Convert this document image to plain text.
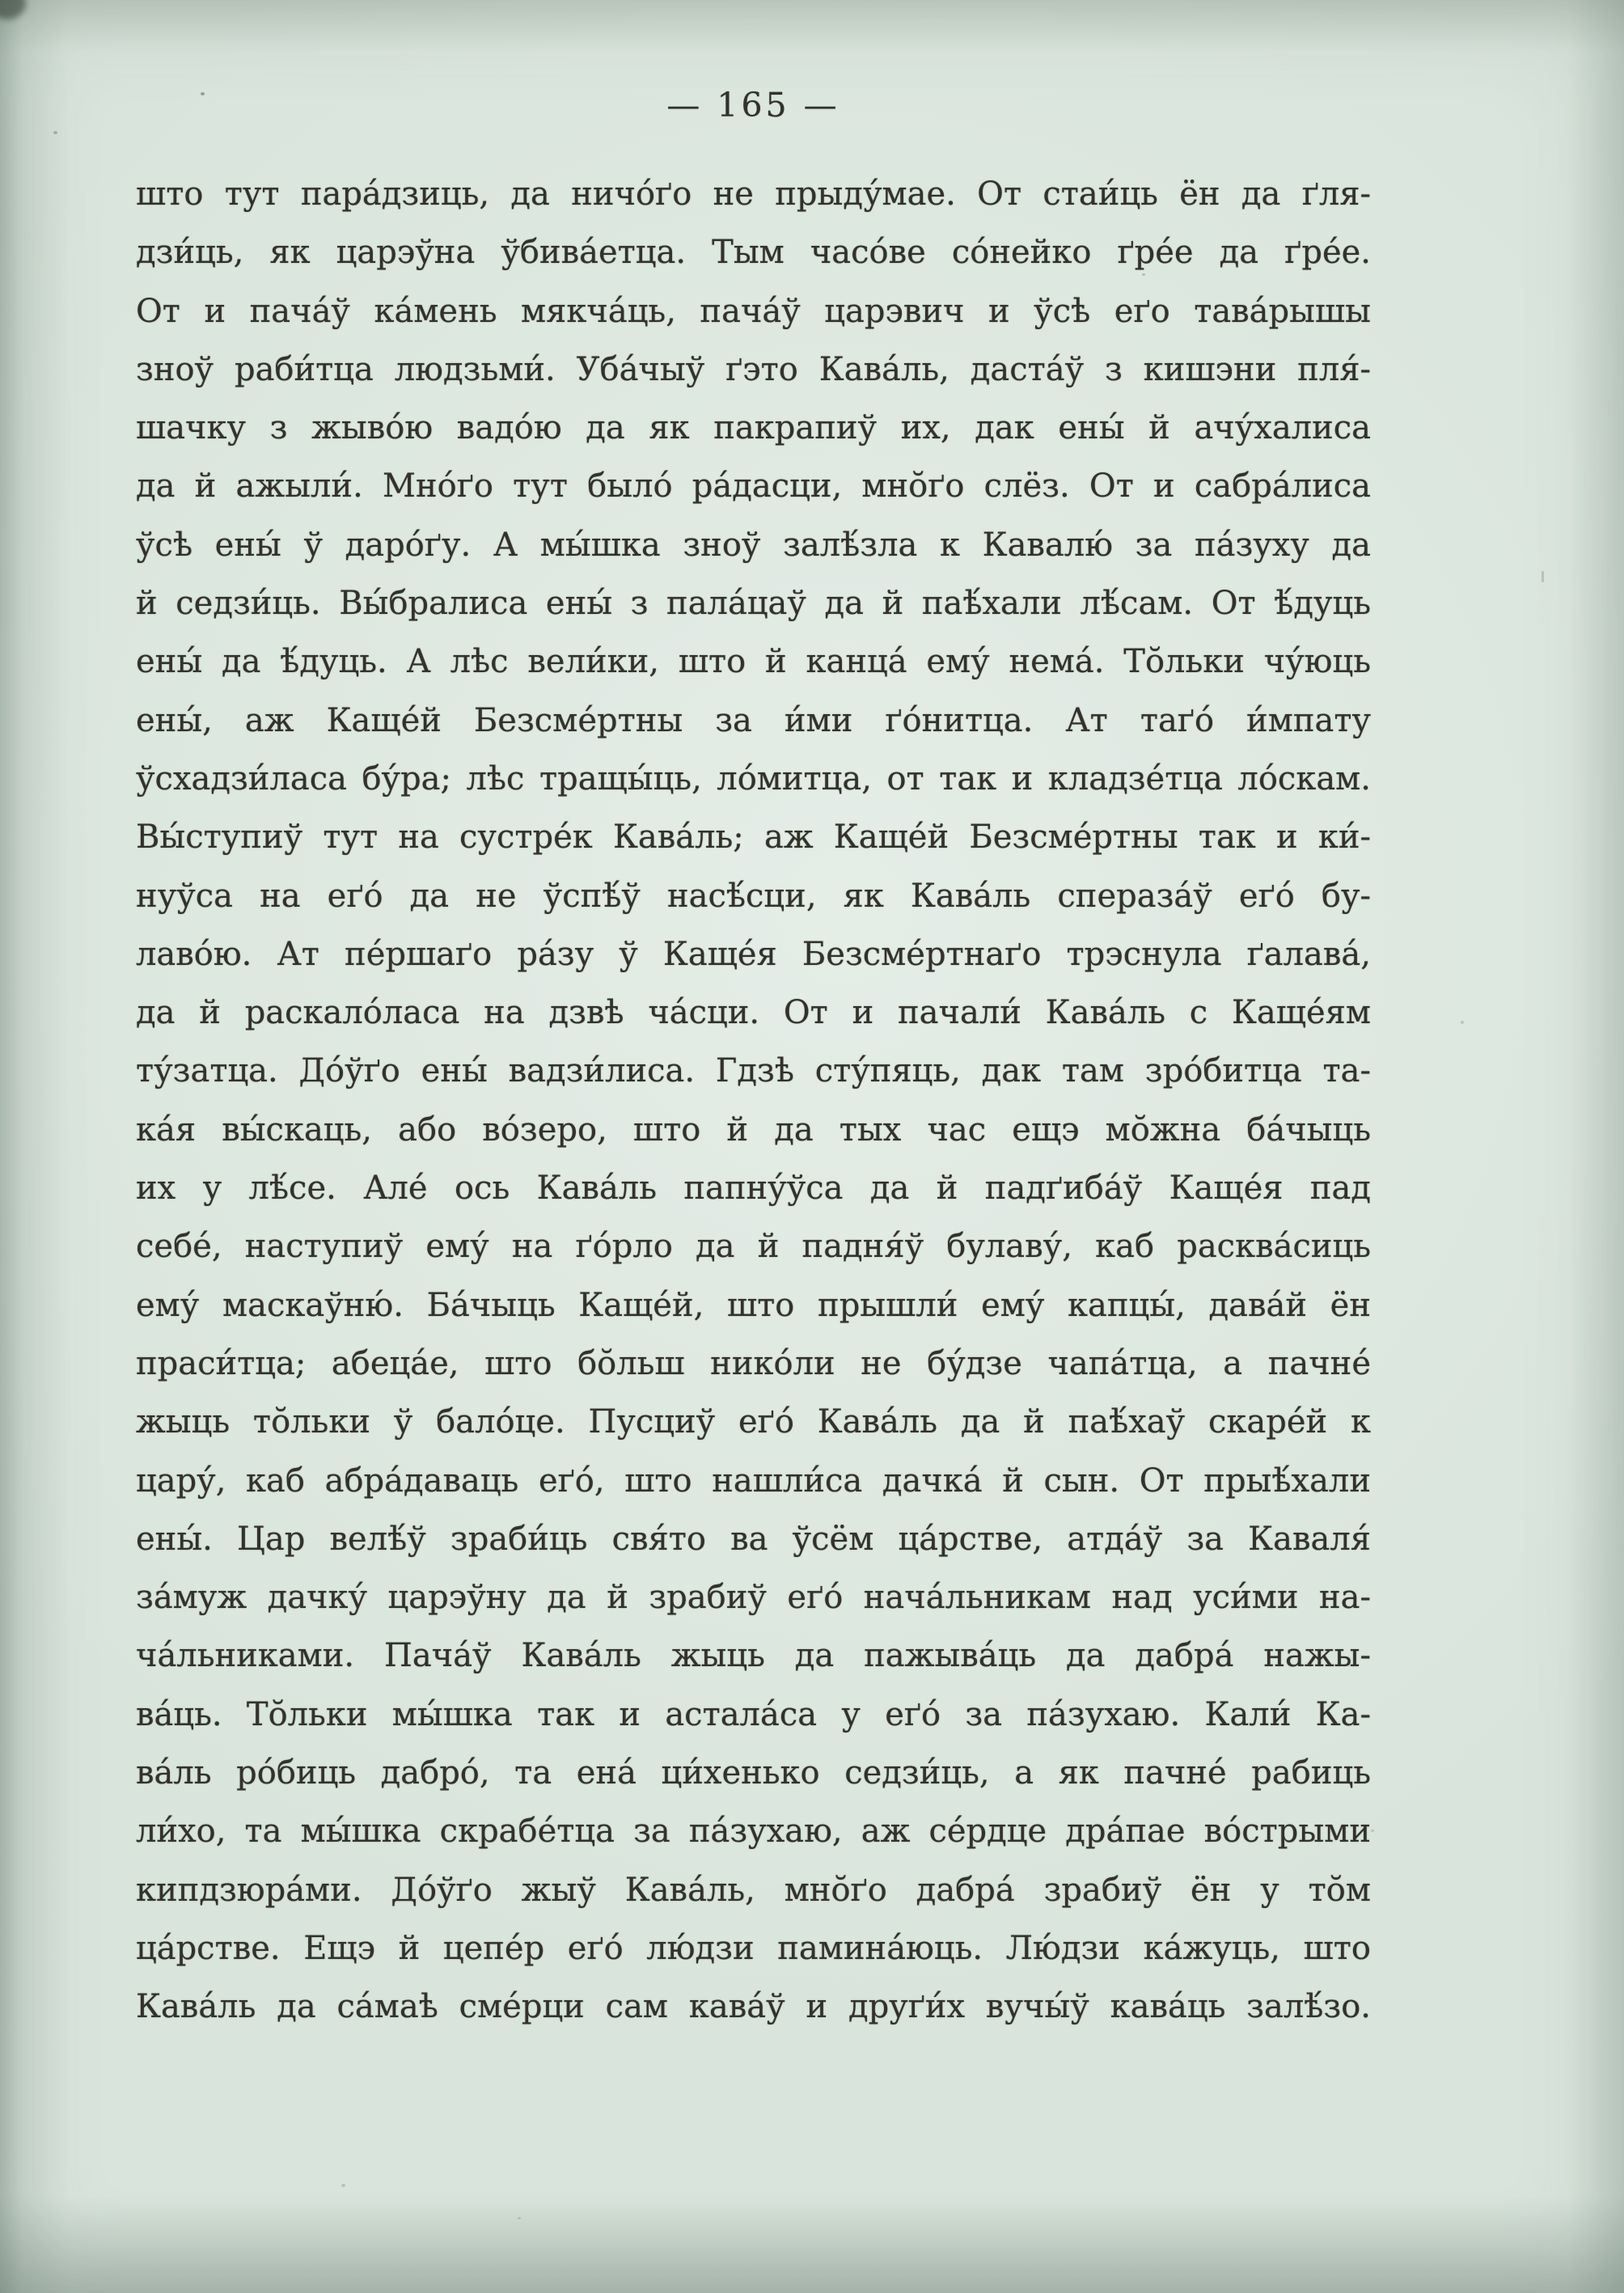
— 165 —
што тут пара́дзиць, да ничо́ґо не прыду́мае. От стаи́ць ён да ґля-
дзи́ць, як царэўна ўбива́етца. Тым часо́ве со́нейко ґре́е да ґре́е.
От и пача́ў ка́мень мякча́ць, пача́ў царэвич и ўсѣ еґо тава́рышы
зноў раби́тца людзьми́. Уба́чыў ґэто Кава́ль, даста́ў з кишэни пля́-
шачку з жыво́ю вадо́ю да як пакрапиў их, дак ены́ й ачу́халиса
да й ажыли́. Мно́ґо тут было́ ра́дасци, мно̆ґо слёз. От и сабра́лиса
ўсѣ ены́ ў даро́ґу. А мы́шка зноў залѣ́зла к Кавалю́ за па́зуху да
й седзи́ць. Вы́бралиса ены́ з пала́цаў да й паѣ́хали лѣ́сам. От ѣ́дуць
ены́ да ѣ́дуць. А лѣс вели́ки, што й канца́ ему́ нема́. То̆льки чу́юць
ены́, аж Каще́й Безсме́ртны за и́ми ґо́нитца. Ат таґо́ и́мпату
ўсхадзи́ласа бу́ра; лѣс тращы́ць, ло́митца, от так и кладзе́тца ло́скам.
Вы́ступиў тут на сустре́к Кава́ль; аж Каще́й Безсме́ртны так и ки́-
нуўса на еґо́ да не ўспѣ́ў насѣ́сци, як Кава́ль спераза́ў еґо́ бу-
лаво́ю. Ат пе́ршаґо ра́зу ў Каще́я Безсме́ртнаґо трэснула ґалава́,
да й раскало́ласа на дзвѣ ча́сци. От и пачали́ Кава́ль с Каще́ям
ту́затца. До́ўґо ены́ вадзи́лиса. Гдзѣ сту́пяць, дак там зро́битца та-
ка́я вы́скаць, або во́зеро, што й да тых час ещэ мо̆жна ба́чыць
их у лѣ́се. Але́ ось Кава́ль папну́ўса да й падґиба́ў Каще́я пад
себе́, наступиў ему́ на ґо́рло да й падня́ў булаву́, каб расква́сиць
ему́ маскаўню́. Ба́чыць Каще́й, што прышли́ ему́ капцы́, дава́й ён
праси́тца; абеца́е, што бо̆льш нико́ли не бу́дзе чапа́тца, а пачне́
жыць то̆льки ў бало́це. Пусциў еґо́ Кава́ль да й паѣ́хаў скаре́й к
цару́, каб абра́даваць еґо́, што нашли́са дачка́ й сын. От прыѣ́хали
ены́. Цар велѣ́ў зраби́ць свя́то ва ўсём ца́рстве, атда́ў за Каваля́
за́муж дачку́ царэўну да й зрабиў еґо́ нача́льникам над уси́ми на-
ча́льниками. Пача́ў Кава́ль жыць да пажыва́ць да дабра́ нажы-
ва́ць. То̆льки мы́шка так и астала́са у еґо́ за па́зухаю. Кали́ Ка-
ва́ль ро́биць дабро́, та ена́ ци́хенько седзи́ць, а як пачне́ рабиць
ли́хо, та мы́шка скрабе́тца за па́зухаю, аж се́рдце дра́пае во́стрыми
кипдзюра́ми. До́ўґо жыў Кава́ль, мно̆ґо дабра́ зрабиў ён у то̆м
ца́рстве. Ещэ й цепе́р еґо́ лю́дзи памина́юць. Лю́дзи ка́жуць, што
Кава́ль да са́маѣ сме́рци сам кава́ў и друґи́х вучы́ў кава́ць залѣ́зо.
